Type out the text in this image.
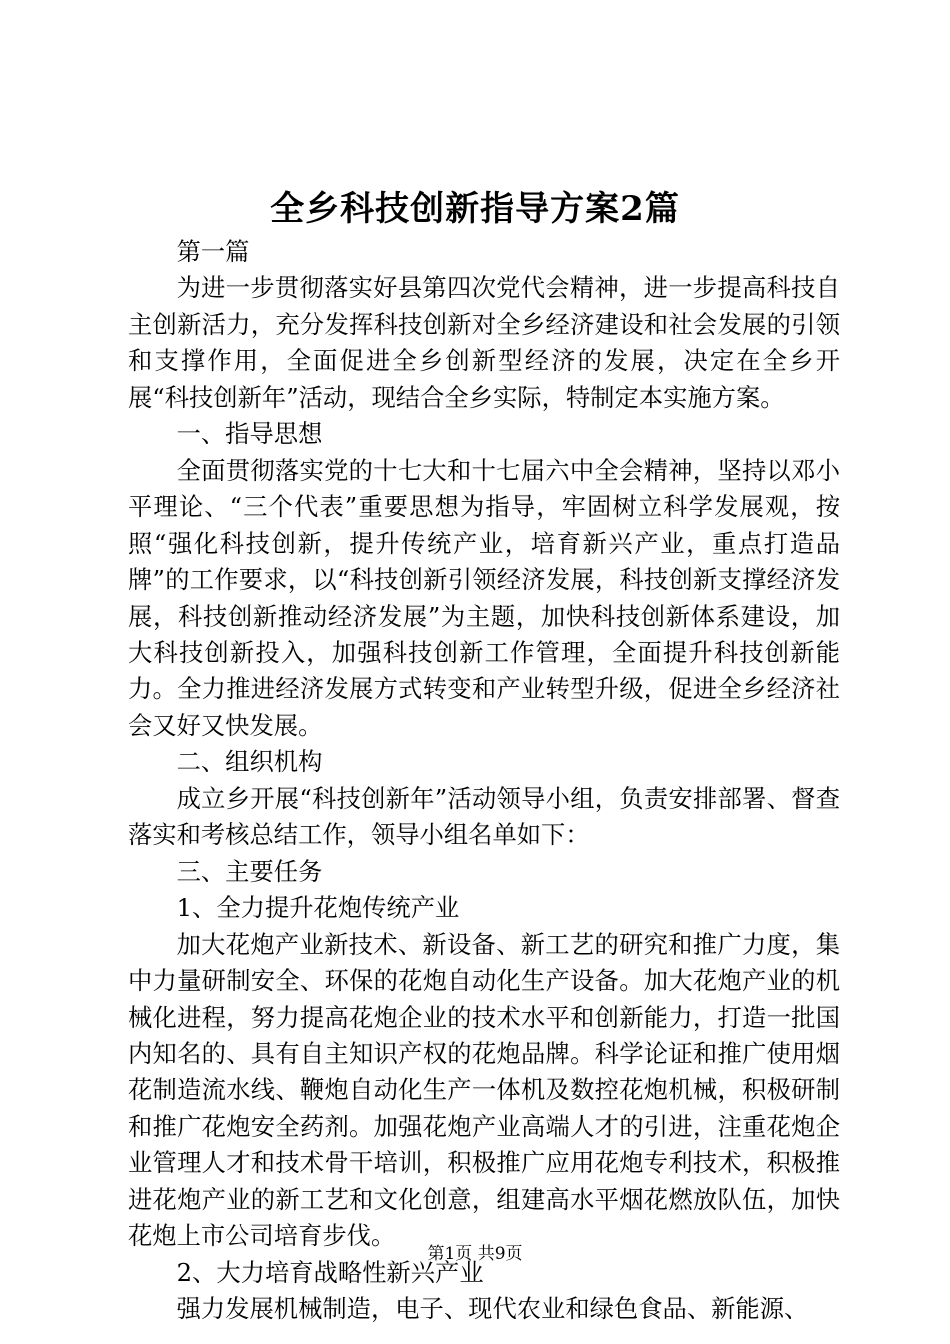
全乡科技创新指导方案2篇

第一篇

为进一步贯彻落实好县第四次党代会精神，进一步提高科技自主创新活力，充分发挥科技创新对全乡经济建设和社会发展的引领和支撑作用，全面促进全乡创新型经济的发展，决定在全乡开展“科技创新年”活动，现结合全乡实际，特制定本实施方案。

一、指导思想

全面贯彻落实党的十七大和十七届六中全会精神，坚持以邓小平理论、“三个代表”重要思想为指导，牢固树立科学发展观，按照“强化科技创新，提升传统产业，培育新兴产业，重点打造品牌”的工作要求，以“科技创新引领经济发展，科技创新支撑经济发展，科技创新推动经济发展”为主题，加快科技创新体系建设，加大科技创新投入，加强科技创新工作管理，全面提升科技创新能力。全力推进经济发展方式转变和产业转型升级，促进全乡经济社会又好又快发展。

二、组织机构

成立乡开展“科技创新年”活动领导小组，负责安排部署、督查落实和考核总结工作，领导小组名单如下：

三、主要任务

1、全力提升花炮传统产业

加大花炮产业新技术、新设备、新工艺的研究和推广力度，集中力量研制安全、环保的花炮自动化生产设备。加大花炮产业的机械化进程，努力提高花炮企业的技术水平和创新能力，打造一批国内知名的、具有自主知识产权的花炮品牌。科学论证和推广使用烟花制造流水线、鞭炮自动化生产一体机及数控花炮机械，积极研制和推广花炮安全药剂。加强花炮产业高端人才的引进，注重花炮企业管理人才和技术骨干培训，积极推广应用花炮专利技术，积极推进花炮产业的新工艺和文化创意，组建高水平烟花燃放队伍，加快花炮上市公司培育步伐。

2、大力培育战略性新兴产业

强力发展机械制造，电子、现代农业和绿色食品、新能源、

第1页 共9页
